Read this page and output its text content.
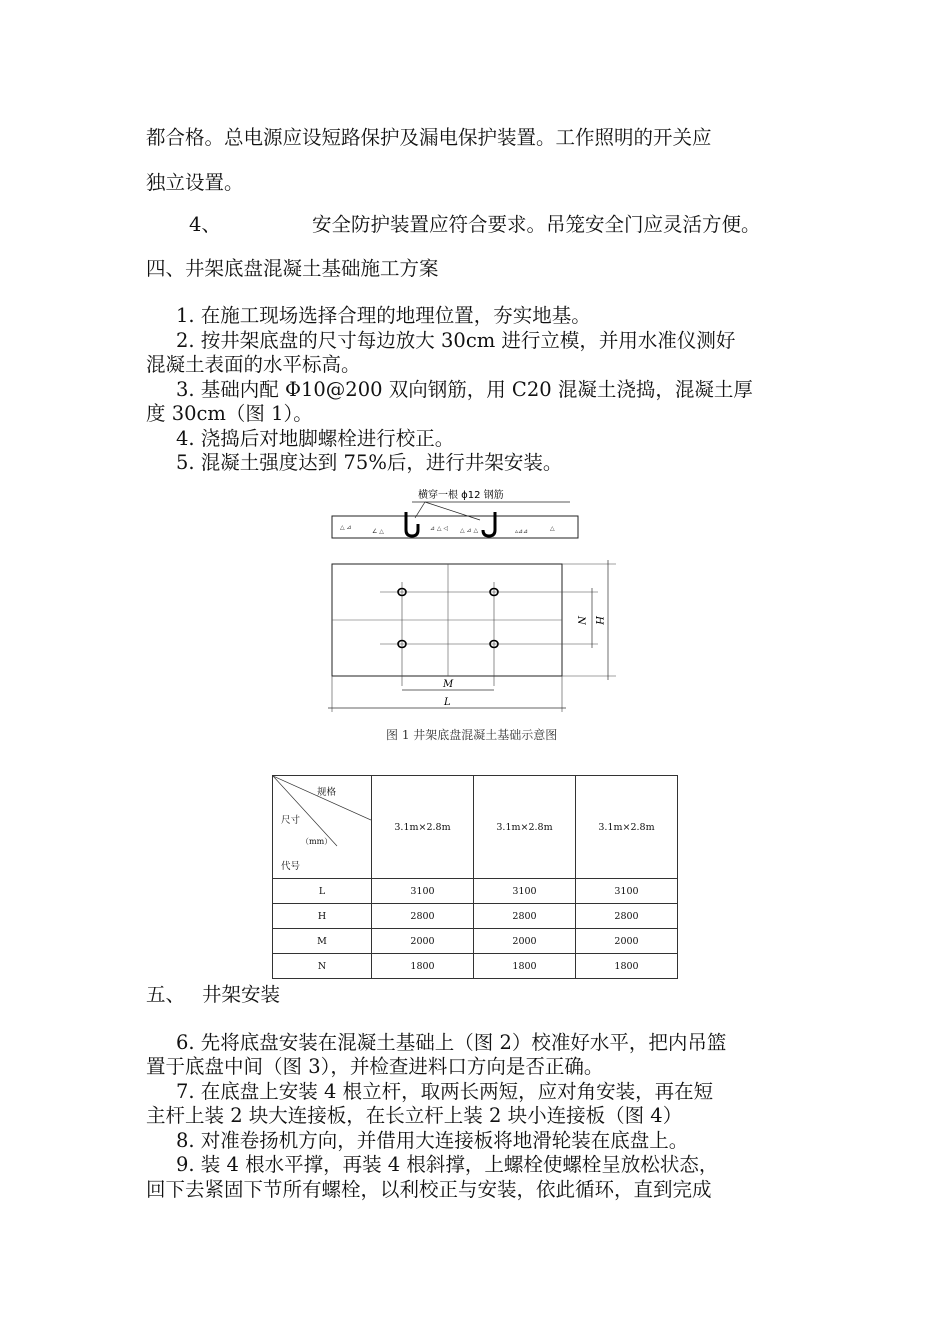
都合格。总电源应设短路保护及漏电保护装置。工作照明的开关应
独立设置。
4、	安全防护装置应符合要求。吊笼安全门应灵活方便。
四、井架底盘混凝土基础施工方案
1. 在施工现场选择合理的地理位置，夯实地基。
2. 按井架底盘的尺寸每边放大 30cm 进行立模，并用水准仪测好
混凝土表面的水平标高。
3. 基础内配 Φ10@200 双向钢筋，用 C20 混凝土浇捣，混凝土厚
度 30cm（图 1）。
4. 浇捣后对地脚螺栓进行校正。
5. 混凝土强度达到 75%后，进行井架安装。
横穿一根 ϕ12 钢筋
△ ⊿
∠ △	⊿ △ ◁ △ ⊿ △	▵⊿⊿	△
N H
M
L
图 1 井架底盘混凝土基础示意图
规格
尺寸
（mm）
代号	3.1m×2.8m	3.1m×2.8m	3.1m×2.8m
L	3100	3100	3100
H	2800	2800	2800
M	2000	2000	2000
N	1800	1800	1800
五、 井架安装
6. 先将底盘安装在混凝土基础上（图 2）校准好水平，把内吊篮
置于底盘中间（图 3），并检查进料口方向是否正确。
7. 在底盘上安装 4 根立杆，取两长两短，应对角安装，再在短
主杆上装 2 块大连接板，在长立杆上装 2 块小连接板（图 4）
8. 对准卷扬机方向，并借用大连接板将地滑轮装在底盘上。
9. 装 4 根水平撑，再装 4 根斜撑，上螺栓使螺栓呈放松状态，
回下去紧固下节所有螺栓，以利校正与安装，依此循环，直到完成
